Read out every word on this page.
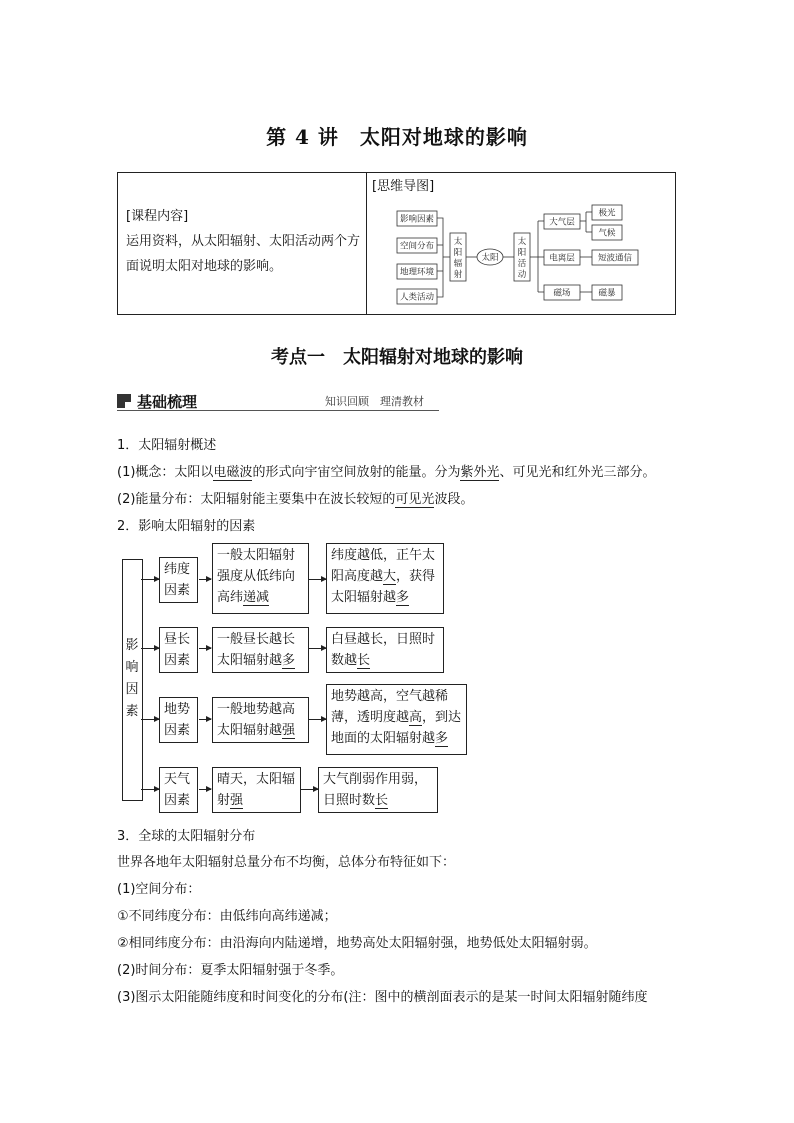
第 4 讲　太阳对地球的影响
[课程内容]
运用资料，从太阳辐射、太阳活动两个方面说明太阳对地球的影响。
[思维导图]
影响因素
空间分布
地理环境
人类活动
太阳
大气层
电离层
磁场
极光
气候
短波通信
磁暴
太阳辐射
太阳活动
考点一　太阳辐射对地球的影响
基础梳理	知识回顾　理清教材
1．太阳辐射概述
(1)概念：太阳以电磁波的形式向宇宙空间放射的能量。分为紫外光、可见光和红外光三部分。
(2)能量分布：太阳辐射能主要集中在波长较短的可见光波段。
2．影响太阳辐射的因素
影
响
因
素
纬度因素
一般太阳辐射
强度从低纬向
高纬递减
纬度越低，正午太
阳高度越大，获得
太阳辐射越多
昼长因素
一般昼长越长
太阳辐射越多
白昼越长，日照时
数越长
地势因素
一般地势越高
太阳辐射越强
地势越高，空气越稀
薄，透明度越高，到达
地面的太阳辐射越多
天气因素
晴天，太阳辐
射强
大气削弱作用弱，
日照时数长
3．全球的太阳辐射分布
世界各地年太阳辐射总量分布不均衡，总体分布特征如下：
(1)空间分布：
①不同纬度分布：由低纬向高纬递减；
②相同纬度分布：由沿海向内陆递增，地势高处太阳辐射强，地势低处太阳辐射弱。
(2)时间分布：夏季太阳辐射强于冬季。
(3)图示太阳能随纬度和时间变化的分布(注：图中的横剖面表示的是某一时间太阳辐射随纬度
